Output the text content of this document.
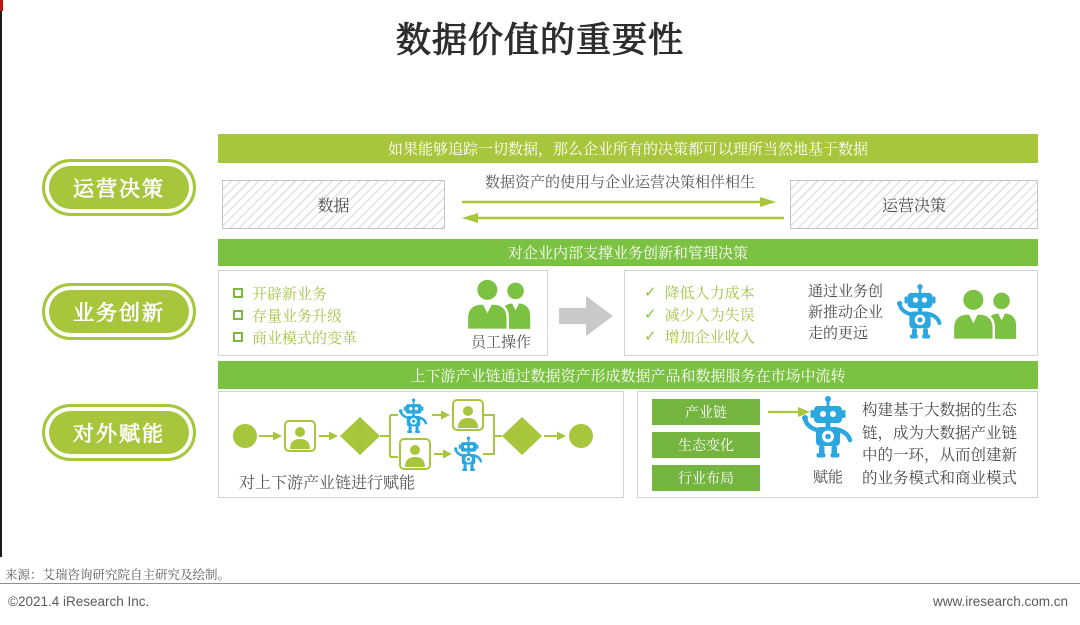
数据价值的重要性
运营决策
业务创新
对外赋能
如果能够追踪一切数据，那么企业所有的决策都可以理所当然地基于数据
数据
数据资产的使用与企业运营决策相伴相生
运营决策
对企业内部支撑业务创新和管理决策
开辟新业务
存量业务升级
商业模式的变革	员工操作
✓ 降低人力成本
✓ 减少人为失误
✓ 增加企业收入
通过业务创新推动企业走的更远
上下游产业链通过数据资产形成数据产品和数据服务在市场中流转
对上下游产业链进行赋能
产业链
生态变化
行业布局	赋能
构建基于大数据的生态链，成为大数据产业链中的一环，从而创建新的业务模式和商业模式
来源：艾瑞咨询研究院自主研究及绘制。
©2021.4 iResearch Inc.	www.iresearch.com.cn
